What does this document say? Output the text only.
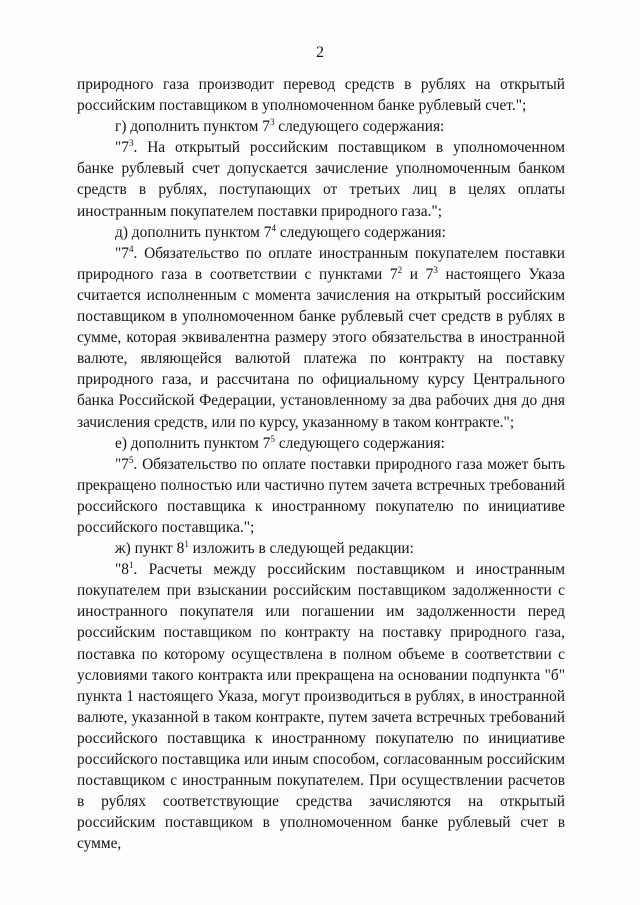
2

природного газа производит перевод средств в рублях на открытый российским поставщиком в уполномоченном банке рублевый счет.";

г) дополнить пунктом $7^3$ следующего содержания:

"$7^3$. На открытый российским поставщиком в уполномоченном банке рублевый счет допускается зачисление уполномоченным банком средств в рублях, поступающих от третьих лиц в целях оплаты иностранным покупателем поставки природного газа.";

д) дополнить пунктом $7^4$ следующего содержания:

"$7^4$. Обязательство по оплате иностранным покупателем поставки природного газа в соответствии с пунктами $7^2$ и $7^3$ настоящего Указа считается исполненным с момента зачисления на открытый российским поставщиком в уполномоченном банке рублевый счет средств в рублях в сумме, которая эквивалентна размеру этого обязательства в иностранной валюте, являющейся валютой платежа по контракту на поставку природного газа, и рассчитана по официальному курсу Центрального банка Российской Федерации, установленному за два рабочих дня до дня зачисления средств, или по курсу, указанному в таком контракте.";

е) дополнить пунктом $7^5$ следующего содержания:

"$7^5$. Обязательство по оплате поставки природного газа может быть прекращено полностью или частично путем зачета встречных требований российского поставщика к иностранному покупателю по инициативе российского поставщика.";

ж) пункт $8^1$ изложить в следующей редакции:

"$8^1$. Расчеты между российским поставщиком и иностранным покупателем при взыскании российским поставщиком задолженности с иностранного покупателя или погашении им задолженности перед российским поставщиком по контракту на поставку природного газа, поставка по которому осуществлена в полном объеме в соответствии с условиями такого контракта или прекращена на основании подпункта "б" пункта 1 настоящего Указа, могут производиться в рублях, в иностранной валюте, указанной в таком контракте, путем зачета встречных требований российского поставщика к иностранному покупателю по инициативе российского поставщика или иным способом, согласованным российским поставщиком с иностранным покупателем. При осуществлении расчетов в рублях соответствующие средства зачисляются на открытый российским поставщиком в уполномоченном банке рублевый счет в сумме,
